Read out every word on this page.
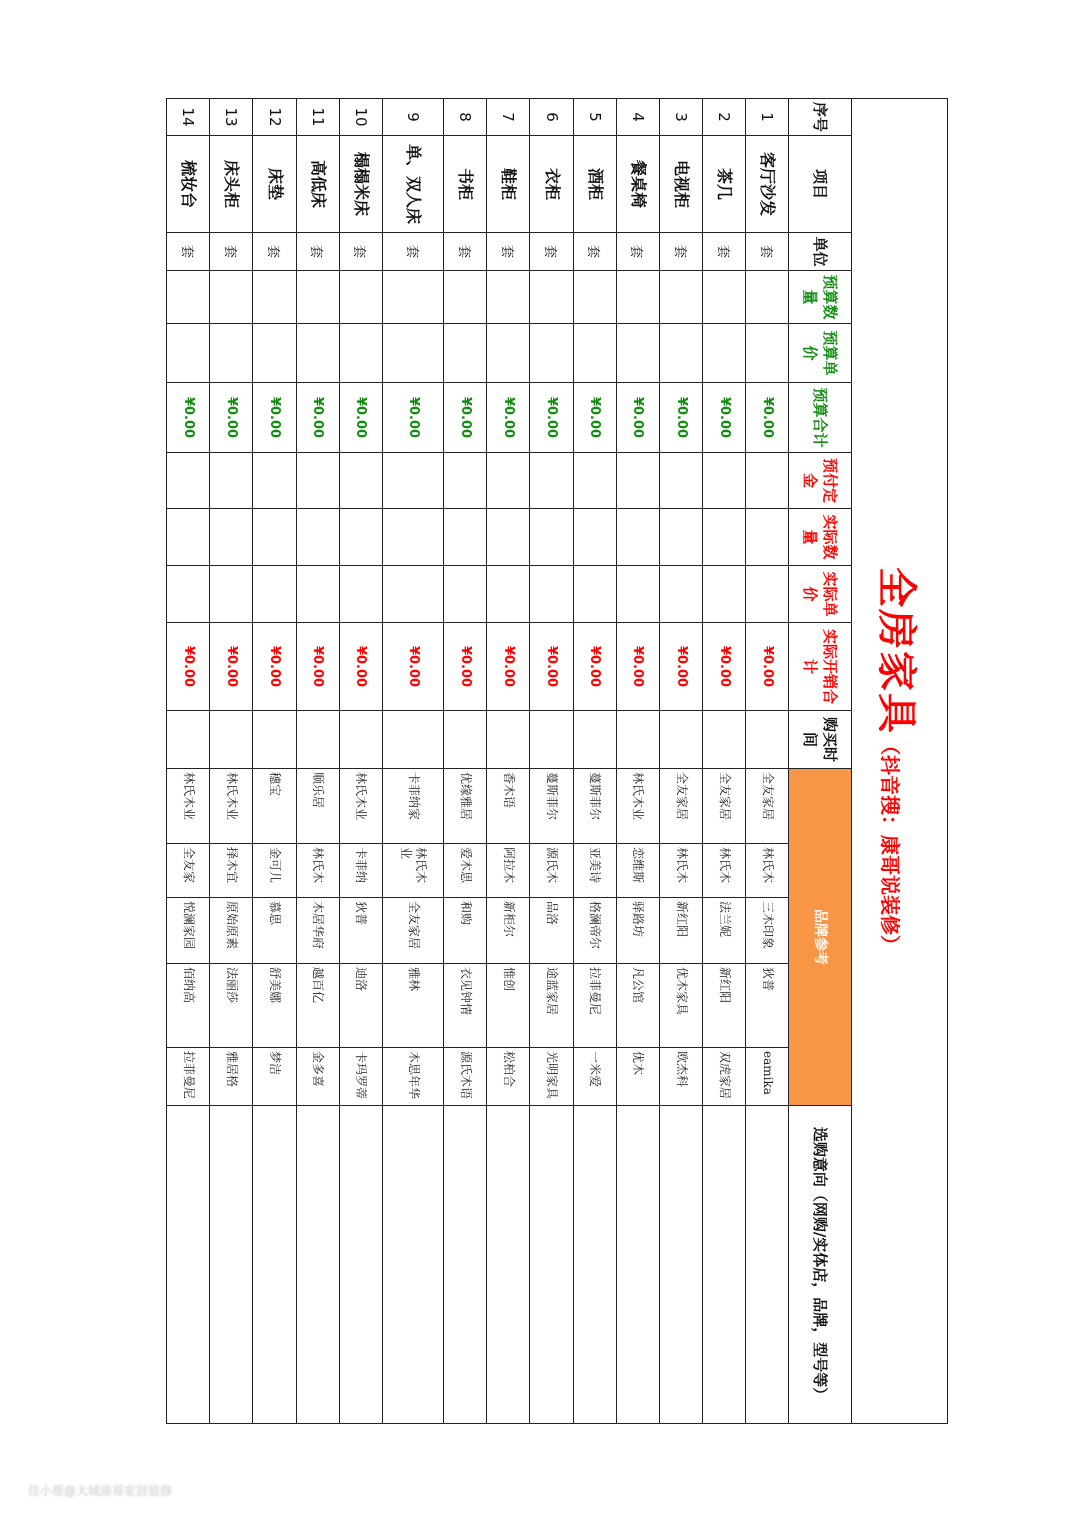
全房家具（抖音搜：康哥说装修）																
序号	项目	单位	预算数量	预算单价	预算合计	预付定金	实际数量	实际单价	实际开销合计	购买时间	品牌参考					选购意向（网购/实体店，品牌，型号等）
1	客厅沙发	套			¥0.00				¥0.00		全友家居	林氏木	三木印象	狄普	eamika	
2	茶几	套			¥0.00				¥0.00		全友家居	林氏木	法兰妮	新红阳	双虎家居	
3	电视柜	套			¥0.00				¥0.00		全友家居	林氏木	新红阳	优木家具	欧杰科	
4	餐桌椅	套			¥0.00				¥0.00		林氏木业	恋维斯	驿路坊	凡公馆	优木	
5	酒柜	套			¥0.00				¥0.00		蔓斯菲尔	亚美诗	格澜帝尔	拉菲曼尼	一米爱	
6	衣柜	套			¥0.00				¥0.00		蔓斯菲尔	源氏木	品洛	途蓝家居	光明家具	
7	鞋柜	套			¥0.00				¥0.00		香木语	阿拉木	新柜尔	惟创	松柏合	
8	书柜	套			¥0.00				¥0.00		优缘雅居	爱木思	和购	衣见钟情	源氏木语	
9	单、双人床	套			¥0.00				¥0.00		卡菲纳家	林氏木业	全友家居	雅林	木思年华	
10	榻榻米床	套			¥0.00				¥0.00		林氏木业	卡菲纳	狄普	迪洛	卡玛罗蒂	
11	高低床	套			¥0.00				¥0.00		顺乐居	林氏木	木居华府	越百亿	金多喜	
12	床垫	套			¥0.00				¥0.00		穗宝	金可儿	慕思	舒美娜	梦洁	
13	床头柜	套			¥0.00				¥0.00		林氏木业	择木宜	原始原素	法丽莎	雅居格	
14	梳妆台	套			¥0.00				¥0.00		林氏木业	全友家	悦澜家园	佰纳高	拉菲曼尼	
住小帮@大城康哥家居装修
